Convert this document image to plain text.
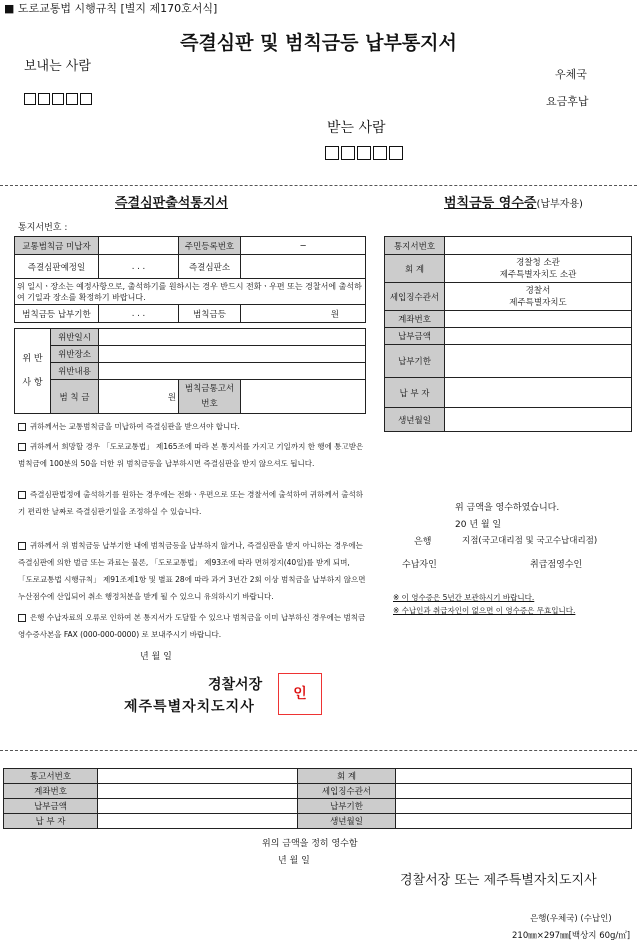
■ 도로교통법 시행규칙 [별지 제170호서식]
즉결심판 및 범칙금등 납부통지서
보내는 사람
우체국
요금후납
받는 사람
즉결심판출석통지서
통지서번호 :
교통범칙금 미납자		주민등록번호	−
즉결심판예정일	. . .	즉결심판소	
위 일시ㆍ장소는 예정사항으로, 출석하기를 원하시는 경우 반드시 전화ㆍ우편 또는 경찰서에 출석하여 기일과 장소를 확정하기 바랍니다.			
범칙금등 납부기한	. . .	범칙금등	원
위 반 사 항	위반일시			
	위반장소			
	위반내용			
	범 칙 금	원	범칙금통고서 번호	
귀하께서는 교통범칙금을 미납하여 즉결심판을 받으셔야 합니다.
귀하께서 희망할 경우 「도로교통법」 제165조에 따라 본 통지서를 가지고 기일까지 한 행에 통고받은 범칙금에 100분의 50을 더한 위 범칙금등을 납부하시면 즉결심판을 받지 않으셔도 됩니다.
즉결심판법정에 출석하기를 원하는 경우에는 전화ㆍ우편으로 또는 경찰서에 출석하여 귀하께서 출석하기 편리한 날짜로 즉결심판기일을 조정하실 수 있습니다.
귀하께서 위 범칙금등 납부기한 내에 범칙금등을 납부하지 않거나, 즉결심판을 받지 아니하는 경우에는 즉결심판에 의한 벌금 또는 과료는 물론, 「도로교통법」 제93조에 따라 면허정지(40일)를 받게 되며, 「도로교통법 시행규칙」 제91조제1항 및 별표 28에 따라 과거 3년간 2회 이상 범칙금을 납부하지 않으면 누산점수에 산입되어 취소 행정처분을 받게 될 수 있으니 유의하시기 바랍니다.
은행 수납자료의 오류로 인하여 본 통지서가 도달할 수 있으나 범칙금을 이미 납부하신 경우에는 범칙금 영수증사본을 FAX (000-000-0000) 로 보내주시기 바랍니다.
년 월 일
경찰서장
제주특별자치도지사
인
범칙금등 영수증(납부자용)
통지서번호	
회 계	경찰청 소관
제주특별자치도 소관
세입징수관서	경찰서
제주특별자치도
계좌번호	
납부금액	
납부기한	
납 부 자	
생년월일	
위 금액을 영수하였습니다.
20 년 월 일
은행	지점(국고대리점 및 국고수납대리점)
수납자인	취급점영수인
※ 이 영수증은 5년간 보관하시기 바랍니다.
※ 수납인과 취급자인이 없으면 이 영수증은 무효입니다.
통고서번호		회 계	
계좌번호		세입징수관서	
납부금액		납부기한	
납 부 자		생년월일	
위의 금액을 정히 영수함
년 월 일
경찰서장 또는 제주특별자치도지사
은행(우체국) (수납인)
210㎜×297㎜[백상지 60g/㎡]
